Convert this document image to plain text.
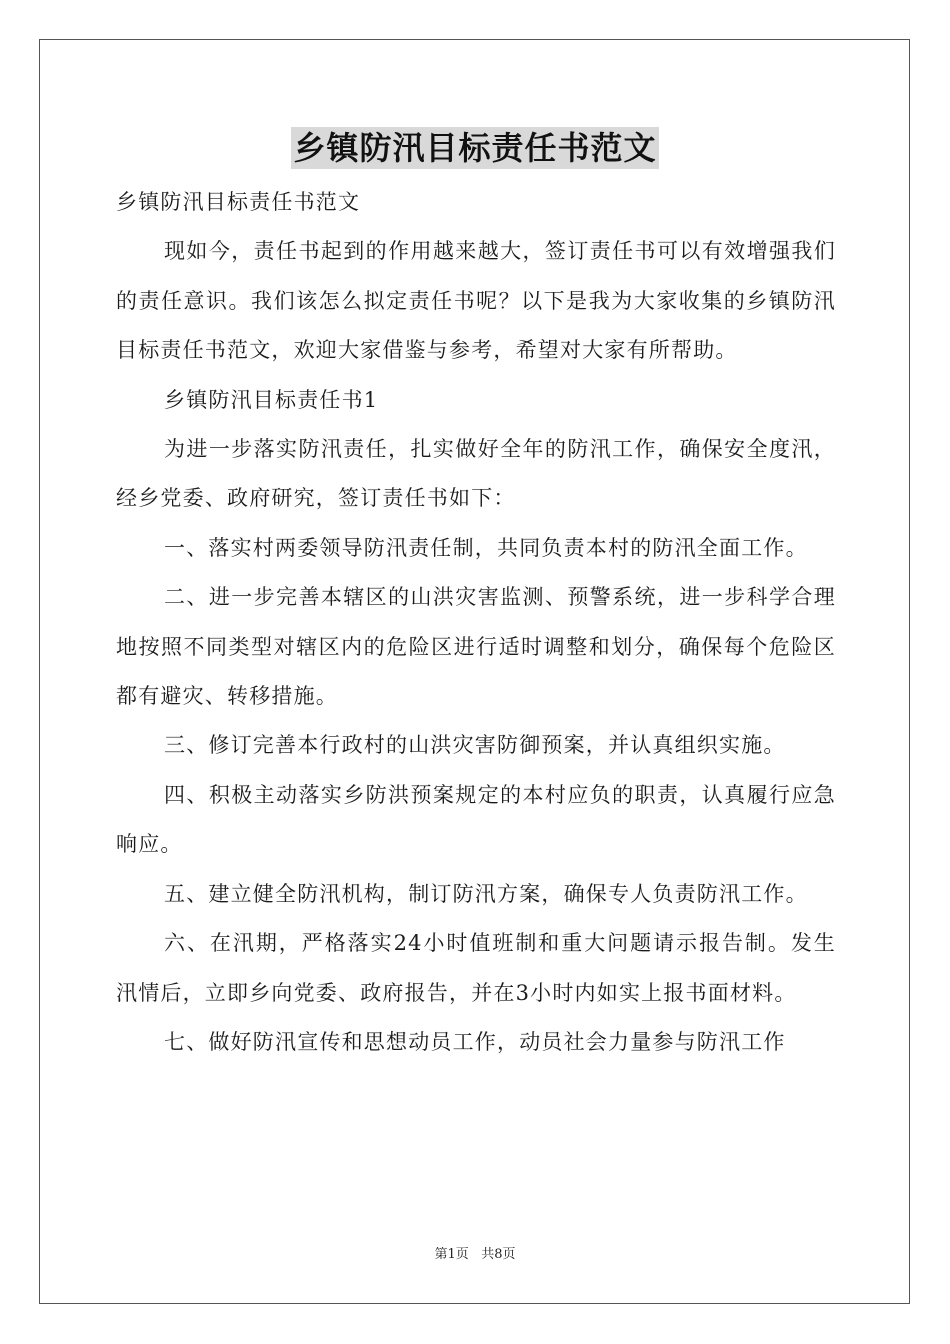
乡镇防汛目标责任书范文

乡镇防汛目标责任书范文

现如今，责任书起到的作用越来越大，签订责任书可以有效增强我们的责任意识。我们该怎么拟定责任书呢？以下是我为大家收集的乡镇防汛目标责任书范文，欢迎大家借鉴与参考，希望对大家有所帮助。

乡镇防汛目标责任书1

为进一步落实防汛责任，扎实做好全年的防汛工作，确保安全度汛，经乡党委、政府研究，签订责任书如下：

一、落实村两委领导防汛责任制，共同负责本村的防汛全面工作。

二、进一步完善本辖区的山洪灾害监测、预警系统，进一步科学合理地按照不同类型对辖区内的危险区进行适时调整和划分，确保每个危险区都有避灾、转移措施。

三、修订完善本行政村的山洪灾害防御预案，并认真组织实施。

四、积极主动落实乡防洪预案规定的本村应负的职责，认真履行应急响应。

五、建立健全防汛机构，制订防汛方案，确保专人负责防汛工作。

六、在汛期，严格落实24小时值班制和重大问题请示报告制。发生汛情后，立即乡向党委、政府报告，并在3小时内如实上报书面材料。

七、做好防汛宣传和思想动员工作，动员社会力量参与防汛工作

第1页 共8页
